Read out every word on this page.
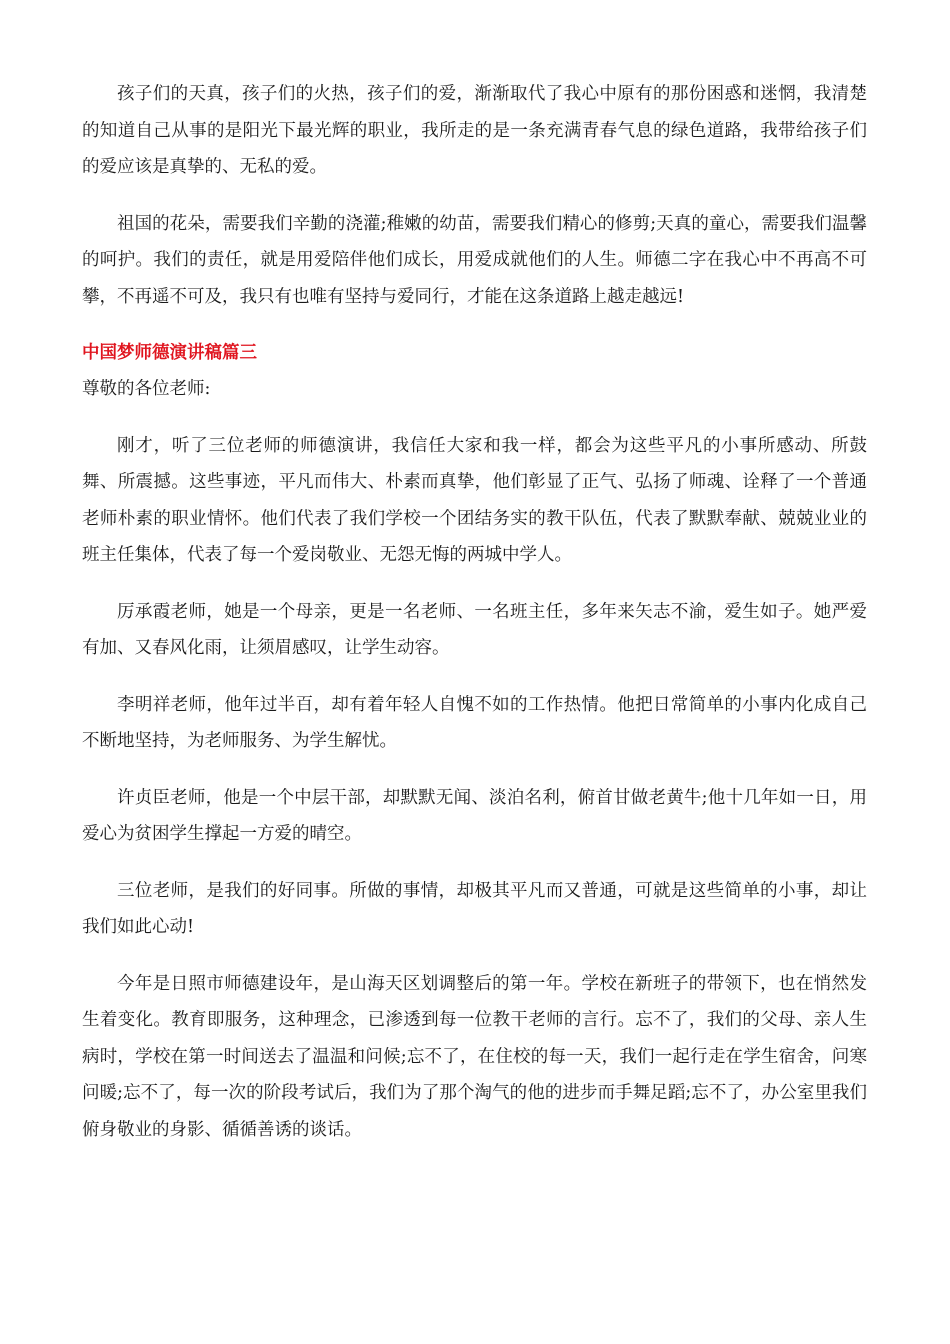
孩子们的天真，孩子们的火热，孩子们的爱，渐渐取代了我心中原有的那份困惑和迷惘，我清楚的知道自己从事的是阳光下最光辉的职业，我所走的是一条充满青春气息的绿色道路，我带给孩子们的爱应该是真挚的、无私的爱。

祖国的花朵，需要我们辛勤的浇灌;稚嫩的幼苗，需要我们精心的修剪;天真的童心，需要我们温馨的呵护。我们的责任，就是用爱陪伴他们成长，用爱成就他们的人生。师德二字在我心中不再高不可攀，不再遥不可及，我只有也唯有坚持与爱同行，才能在这条道路上越走越远!

中国梦师德演讲稿篇三

尊敬的各位老师:

刚才，听了三位老师的师德演讲，我信任大家和我一样，都会为这些平凡的小事所感动、所鼓舞、所震撼。这些事迹，平凡而伟大、朴素而真挚，他们彰显了正气、弘扬了师魂、诠释了一个普通老师朴素的职业情怀。他们代表了我们学校一个团结务实的教干队伍，代表了默默奉献、兢兢业业的班主任集体，代表了每一个爱岗敬业、无怨无悔的两城中学人。

厉承霞老师，她是一个母亲，更是一名老师、一名班主任，多年来矢志不渝，爱生如子。她严爱有加、又春风化雨，让须眉感叹，让学生动容。

李明祥老师，他年过半百，却有着年轻人自愧不如的工作热情。他把日常简单的小事内化成自己不断地坚持，为老师服务、为学生解忧。

许贞臣老师，他是一个中层干部，却默默无闻、淡泊名利，俯首甘做老黄牛;他十几年如一日，用爱心为贫困学生撑起一方爱的晴空。

三位老师，是我们的好同事。所做的事情，却极其平凡而又普通，可就是这些简单的小事，却让我们如此心动!

今年是日照市师德建设年，是山海天区划调整后的第一年。学校在新班子的带领下，也在悄然发生着变化。教育即服务，这种理念，已渗透到每一位教干老师的言行。忘不了，我们的父母、亲人生病时，学校在第一时间送去了温温和问候;忘不了，在住校的每一天，我们一起行走在学生宿舍，问寒问暖;忘不了，每一次的阶段考试后，我们为了那个淘气的他的进步而手舞足蹈;忘不了，办公室里我们俯身敬业的身影、循循善诱的谈话。
